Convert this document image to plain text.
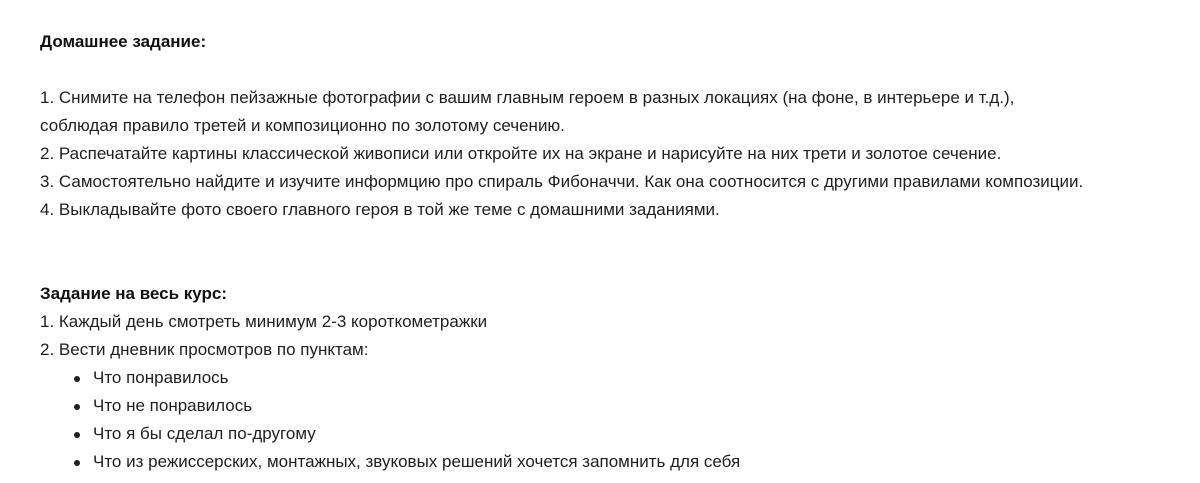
Домашнее задание:

1. Снимите на телефон пейзажные фотографии с вашим главным героем в разных локациях (на фоне, в интерьере и т.д.),

соблюдая правило третей и композиционно по золотому сечению.

2. Распечатайте картины классической живописи или откройте их на экране и нарисуйте на них трети и золотое сечение.

3. Самостоятельно найдите и изучите информцию про спираль Фибоначчи. Как она соотносится с другими правилами композиции.

4. Выкладывайте фото своего главного героя в той же теме с домашними заданиями.

Задание на весь курс:

1. Каждый день смотреть минимум 2-3 короткометражки

2. Вести дневник просмотров по пунктам:

Что понравилось
Что не понравилось
Что я бы сделал по-другому
Что из режиссерских, монтажных, звуковых решений хочется запомнить для себя
